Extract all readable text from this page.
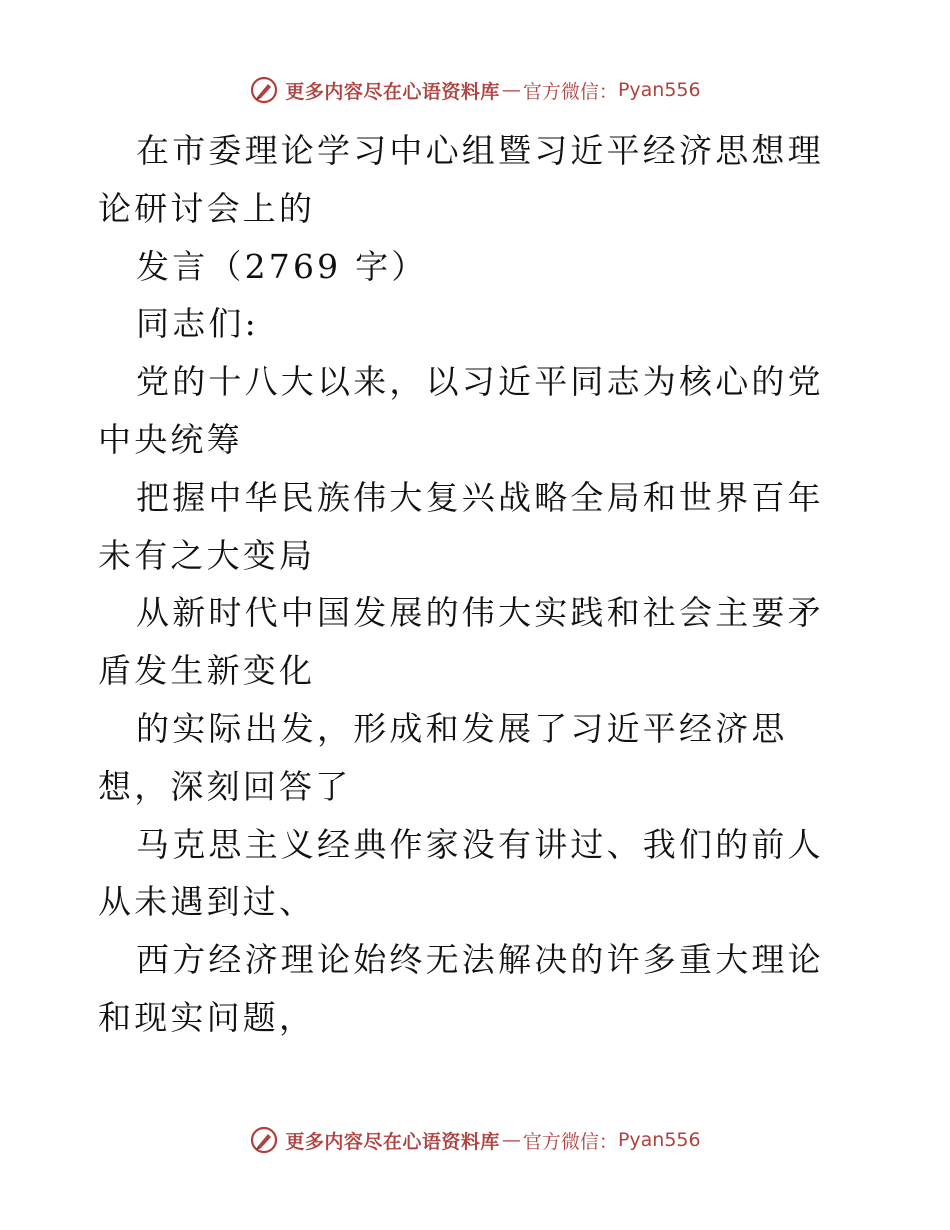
更多内容尽在心语资料库 — 官方微信： Pyan556

在市委理论学习中心组暨习近平经济思想理论研讨会上的

发言（2769 字）

同志们:

党的十八大以来，以习近平同志为核心的党中央统筹

把握中华民族伟大复兴战略全局和世界百年未有之大变局

从新时代中国发展的伟大实践和社会主要矛盾发生新变化

的实际出发，形成和发展了习近平经济思想，深刻回答了

马克思主义经典作家没有讲过、我们的前人从未遇到过、

西方经济理论始终无法解决的许多重大理论和现实问题，

更多内容尽在心语资料库 — 官方微信： Pyan556
